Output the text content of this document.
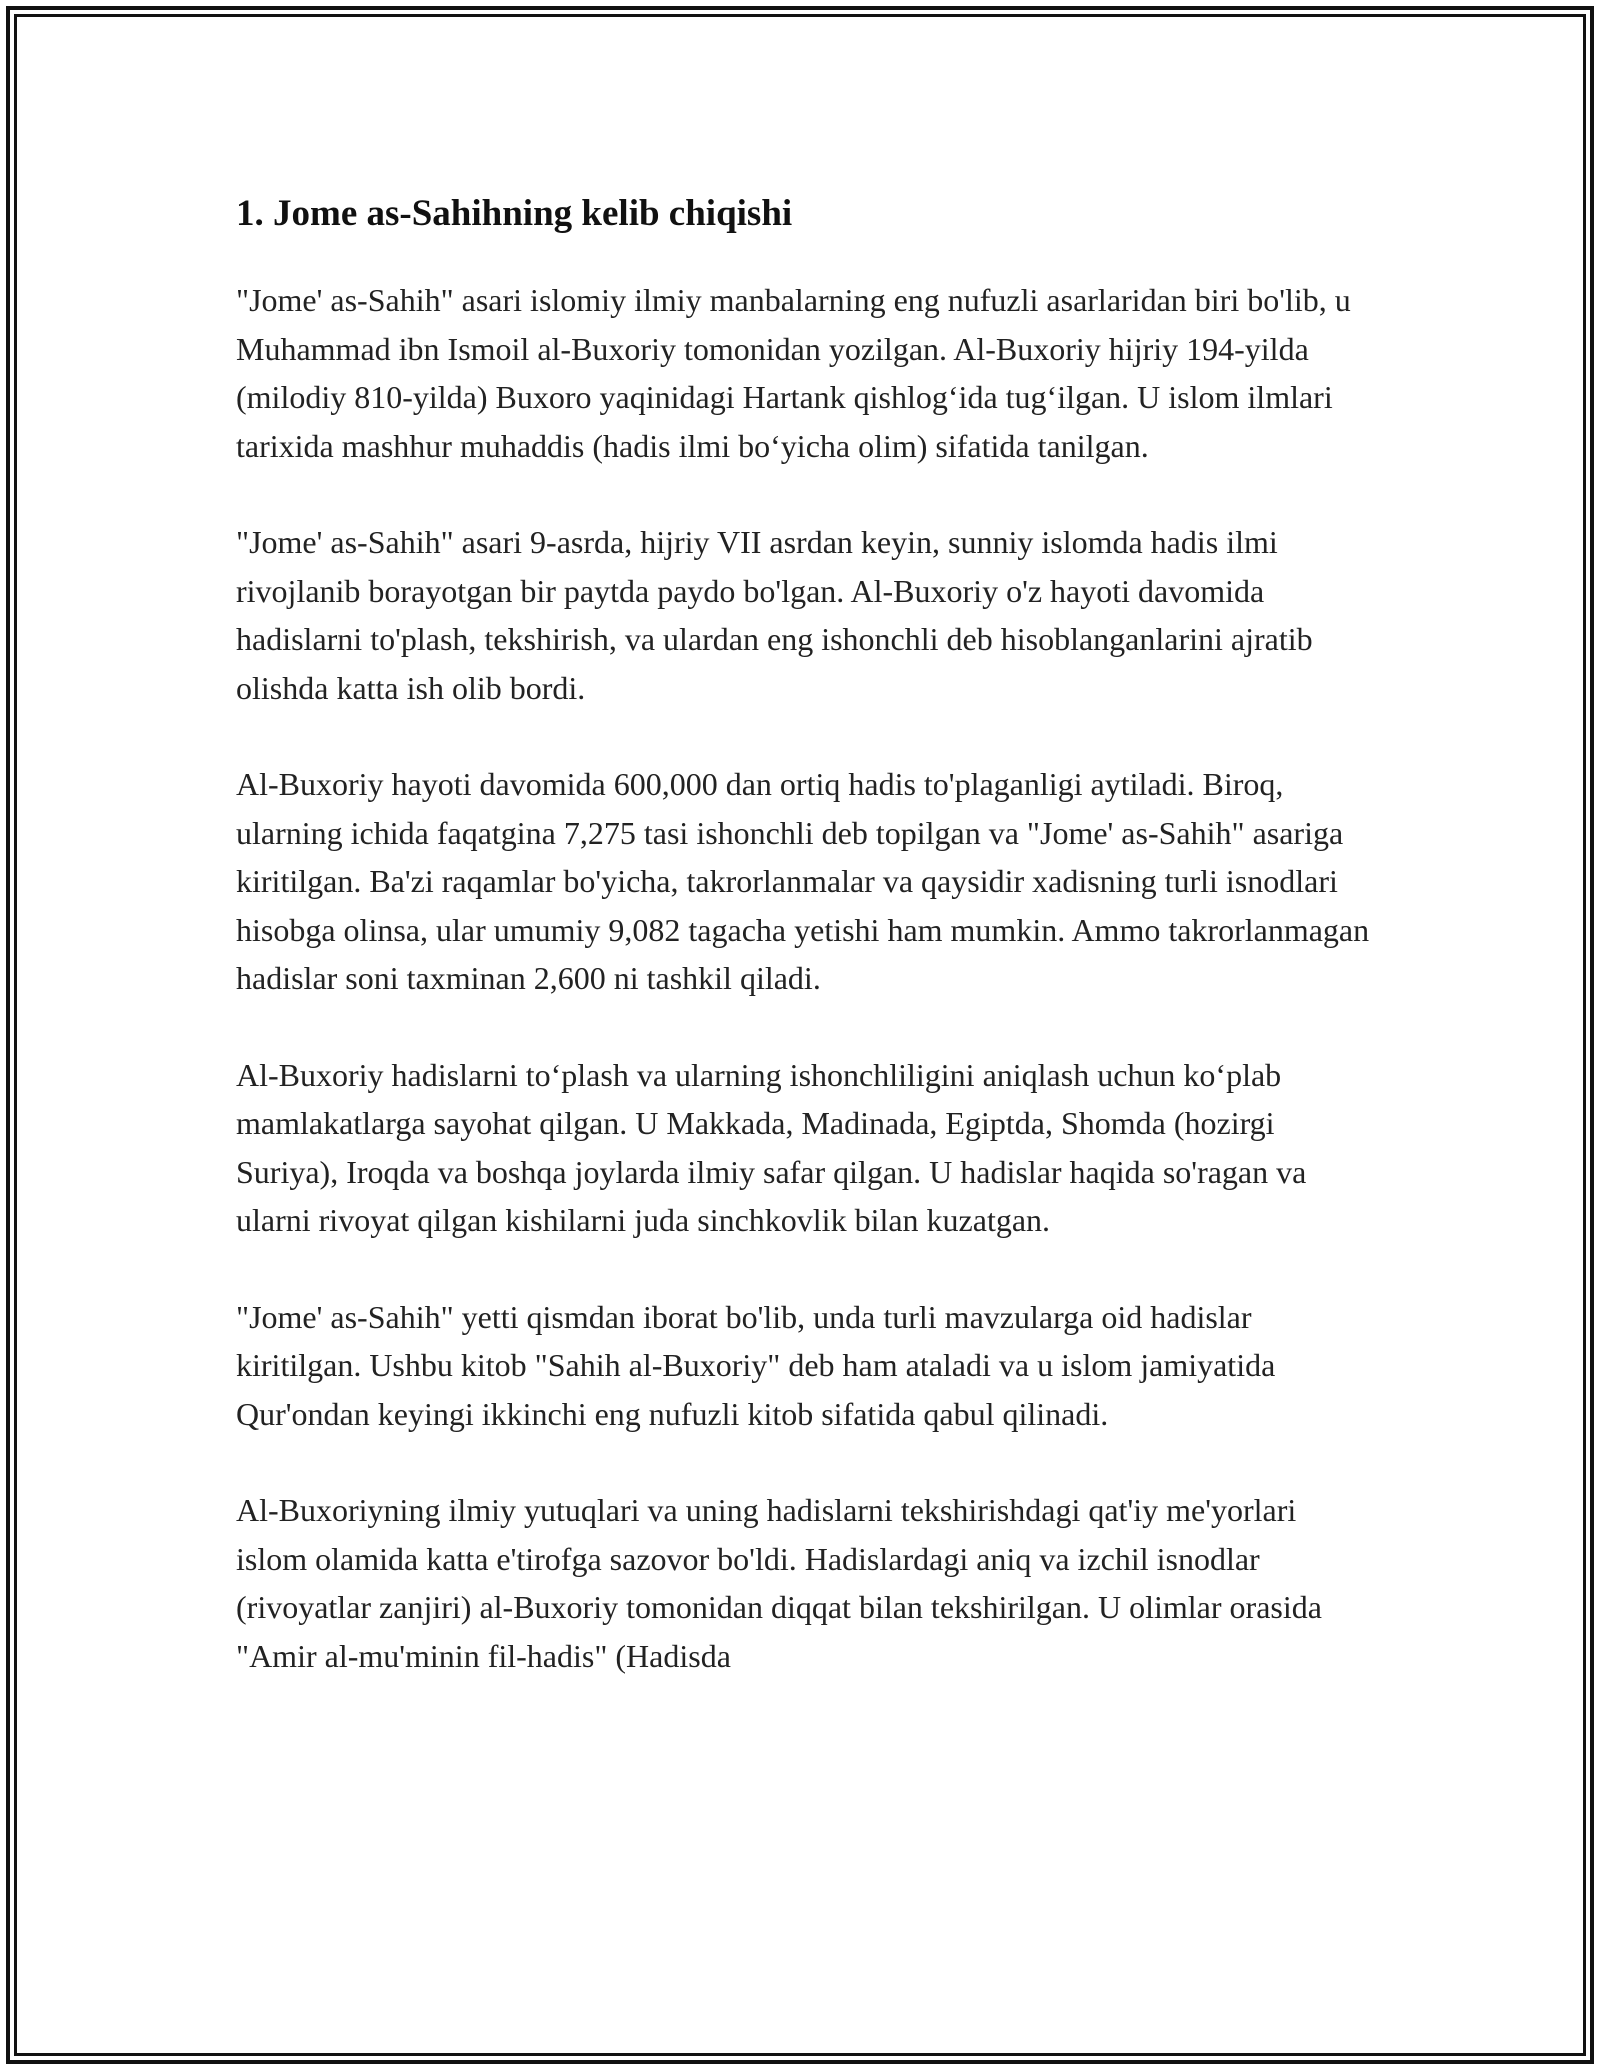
1. Jome as-Sahihning kelib chiqishi

"Jome' as-Sahih" asari islomiy ilmiy manbalarning eng nufuzli asarlaridan biri bo'lib, u Muhammad ibn Ismoil al-Buxoriy tomonidan yozilgan. Al-Buxoriy hijriy 194-yilda (milodiy 810-yilda) Buxoro yaqinidagi Hartank qishlog‘ida tug‘ilgan. U islom ilmlari tarixida mashhur muhaddis (hadis ilmi bo‘yicha olim) sifatida tanilgan.

"Jome' as-Sahih" asari 9-asrda, hijriy VII asrdan keyin, sunniy islomda hadis ilmi rivojlanib borayotgan bir paytda paydo bo'lgan. Al-Buxoriy o'z hayoti davomida hadislarni to'plash, tekshirish, va ulardan eng ishonchli deb hisoblanganlarini ajratib olishda katta ish olib bordi.

Al-Buxoriy hayoti davomida 600,000 dan ortiq hadis to'plaganligi aytiladi. Biroq, ularning ichida faqatgina 7,275 tasi ishonchli deb topilgan va "Jome' as-Sahih" asariga kiritilgan. Ba'zi raqamlar bo'yicha, takrorlanmalar va qaysidir xadisning turli isnodlari hisobga olinsa, ular umumiy 9,082 tagacha yetishi ham mumkin. Ammo takrorlanmagan hadislar soni taxminan 2,600 ni tashkil qiladi.

Al-Buxoriy hadislarni to‘plash va ularning ishonchliligini aniqlash uchun ko‘plab mamlakatlarga sayohat qilgan. U Makkada, Madinada, Egiptda, Shomda (hozirgi Suriya), Iroqda va boshqa joylarda ilmiy safar qilgan. U hadislar haqida so'ragan va ularni rivoyat qilgan kishilarni juda sinchkovlik bilan kuzatgan.

"Jome' as-Sahih" yetti qismdan iborat bo'lib, unda turli mavzularga oid hadislar kiritilgan. Ushbu kitob "Sahih al-Buxoriy" deb ham ataladi va u islom jamiyatida Qur'ondan keyingi ikkinchi eng nufuzli kitob sifatida qabul qilinadi.

Al-Buxoriyning ilmiy yutuqlari va uning hadislarni tekshirishdagi qat'iy me'yorlari islom olamida katta e'tirofga sazovor bo'ldi. Hadislardagi aniq va izchil isnodlar (rivoyatlar zanjiri) al-Buxoriy tomonidan diqqat bilan tekshirilgan. U olimlar orasida "Amir al-mu'minin fil-hadis" (Hadisda
